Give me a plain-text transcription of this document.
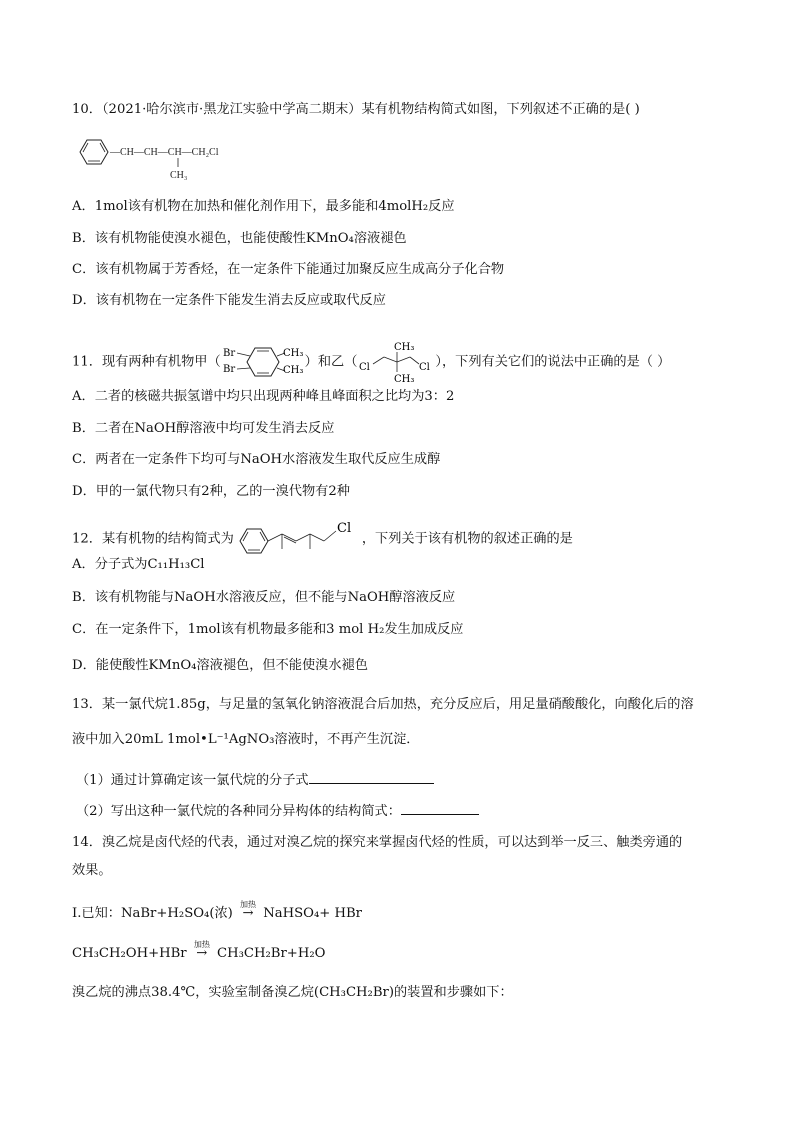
10．（2021·哈尔滨市·黑龙江实验中学高二期末）某有机物结构简式如图，下列叙述不正确的是( )
—CH—CH—CH—CH₂Cl
CH₃
A．1mol该有机物在加热和催化剂作用下，最多能和4molH₂反应
B．该有机物能使溴水褪色，也能使酸性KMnO₄溶液褪色
C．该有机物属于芳香烃，在一定条件下能通过加聚反应生成高分子化合物
D．该有机物在一定条件下能发生消去反应或取代反应
11．现有两种有机物甲（
Br
Br
CH₃
CH₃
）和乙（
CH₃
Cl	Cl
CH₃
），下列有关它们的说法中正确的是（ ）
A．二者的核磁共振氢谱中均只出现两种峰且峰面积之比均为3：2
B．二者在NaOH醇溶液中均可发生消去反应
C．两者在一定条件下均可与NaOH水溶液发生取代反应生成醇
D．甲的一氯代物只有2种，乙的一溴代物有2种
12．某有机物的结构简式为
Cl
，下列关于该有机物的叙述正确的是
A．分子式为C₁₁H₁₃Cl
B．该有机物能与NaOH水溶液反应，但不能与NaOH醇溶液反应
C．在一定条件下，1mol该有机物最多能和3 mol H₂发生加成反应
D．能使酸性KMnO₄溶液褪色，但不能使溴水褪色
13．某一氯代烷1.85g，与足量的氢氧化钠溶液混合后加热，充分反应后，用足量硝酸酸化，向酸化后的溶
液中加入20mL 1mol•L⁻¹AgNO₃溶液时，不再产生沉淀．
（1）通过计算确定该一氯代烷的分子式
（2）写出这种一氯代烷的各种同分异构体的结构简式：
14．溴乙烷是卤代烃的代表，通过对溴乙烷的探究来掌握卤代烃的性质，可以达到举一反三、触类旁通的
效果。
I.已知：NaBr+H₂SO₄(浓)
加热
→ NaHSO₄+ HBr
CH₃CH₂OH+HBr
加热
→ CH₃CH₂Br+H₂O
溴乙烷的沸点38.4℃，实验室制备溴乙烷(CH₃CH₂Br)的装置和步骤如下：
